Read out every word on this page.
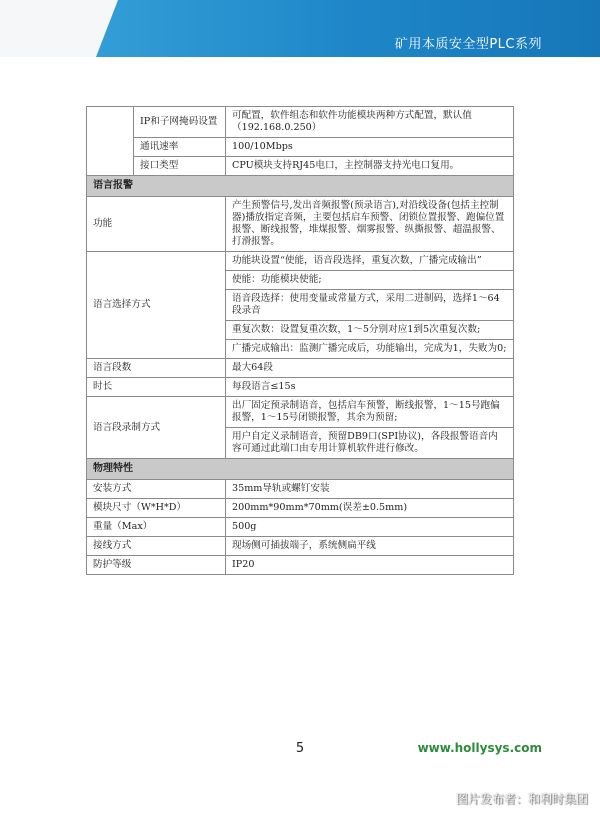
矿用本质安全型PLC系列
	IP和子网掩码设置	可配置，软件组态和软件功能模块两种方式配置，默认值（192.168.0.250）
	通讯速率	100/10Mbps
	接口类型	CPU模块支持RJ45电口，主控制器支持光电口复用。
语言报警		
功能		产生预警信号,发出音频报警(预录语言),对沿线设备(包括主控制器)播放指定音频，主要包括启车预警、闭锁位置报警、跑偏位置报警、断线报警，堆煤报警、烟雾报警、纵撕报警、超温报警、打滑报警。
语言选择方式		功能块设置“使能，语音段选择，重复次数，广播完成输出”
		使能：功能模块使能;
		语音段选择：使用变量或常量方式，采用二进制码，选择1～64段录音
		重复次数：设置复重次数，1～5分别对应1到5次重复次数;
		广播完成输出：监测广播完成后，功能输出，完成为1，失败为0;
语言段数		最大64段
时长		每段语言≤15s
语言段录制方式		出厂固定预录制语音，包括启车预警，断线报警，1～15号跑偏报警，1～15号闭锁报警，其余为预留;
		用户自定义录制语音，预留DB9口(SPI协议)，各段报警语音内容可通过此端口由专用计算机软件进行修改。
物理特性		
安装方式		35mm导轨或螺钉安装
模块尺寸（W*H*D）		200mm*90mm*70mm(误差±0.5mm)
重量（Max）		500g
接线方式		现场侧可插拔端子，系统侧扁平线
防护等级		IP20
5	www.hollysys.com
图片发布者：和利时集团
